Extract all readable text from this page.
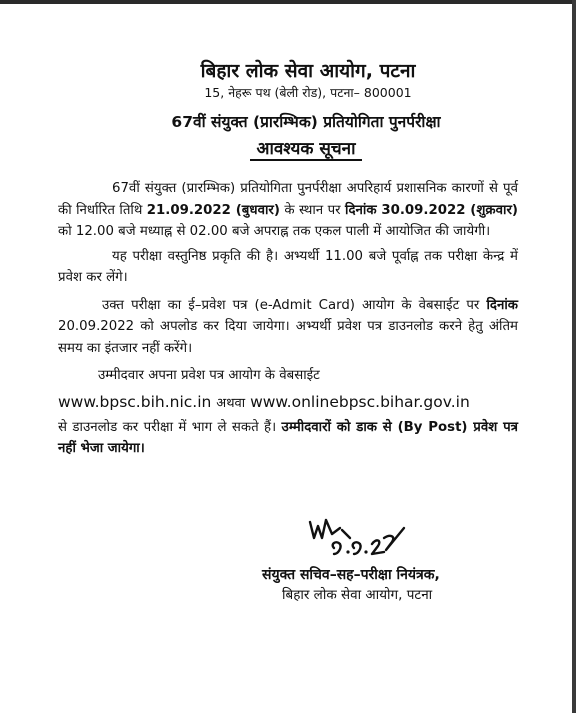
बिहार लोक सेवा आयोग, पटना

15, नेहरू पथ (बेली रोड), पटना– 800001

67वीं संयुक्त (प्रारम्भिक) प्रतियोगिता पुनर्परीक्षा

आवश्यक सूचना

67वीं संयुक्त (प्रारम्भिक) प्रतियोगिता पुनर्परीक्षा अपरिहार्य प्रशासनिक कारणों से पूर्व की निर्धारित तिथि 21.09.2022 (बुधवार) के स्थान पर दिनांक 30.09.2022 (शुक्रवार) को 12.00 बजे मध्याह्न से 02.00 बजे अपराह्न तक एकल पाली में आयोजित की जायेगी।

यह परीक्षा वस्तुनिष्ठ प्रकृति की है। अभ्यर्थी 11.00 बजे पूर्वाह्न तक परीक्षा केन्द्र में प्रवेश कर लेंगे।

उक्त परीक्षा का ई–प्रवेश पत्र (e-Admit Card) आयोग के वेबसाईट पर दिनांक 20.09.2022 को अपलोड कर दिया जायेगा। अभ्यर्थी प्रवेश पत्र डाउनलोड करने हेतु अंतिम समय का इंतजार नहीं करेंगे।

उम्मीदवार अपना प्रवेश पत्र आयोग के वेबसाईट

www.bpsc.bih.nic.in अथवा www.onlinebpsc.bihar.gov.in

से डाउनलोड कर परीक्षा में भाग ले सकते हैं। उम्मीदवारों को डाक से (By Post) प्रवेश पत्र नहीं भेजा जायेगा।

संयुक्त सचिव–सह–परीक्षा नियंत्रक,

बिहार लोक सेवा आयोग, पटना
